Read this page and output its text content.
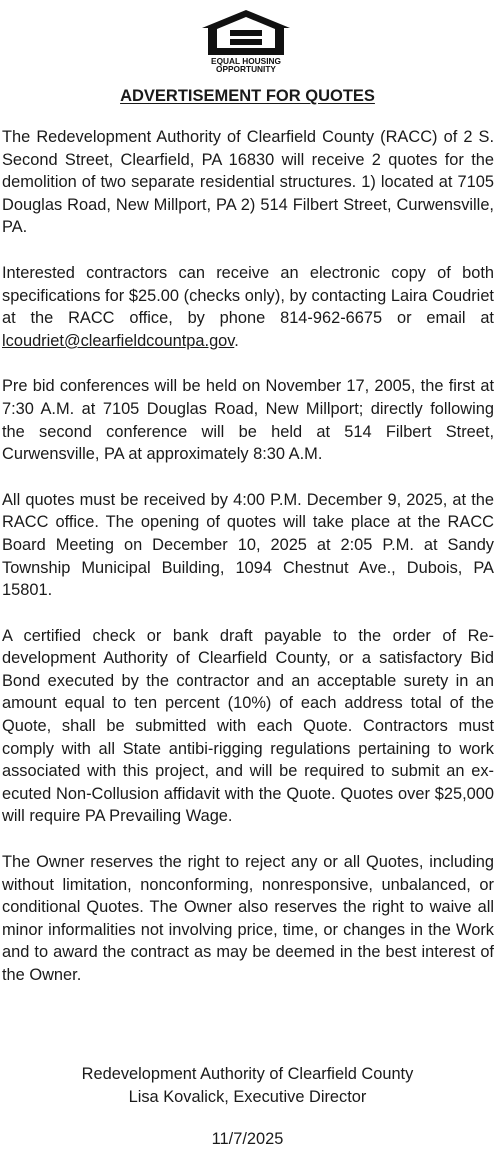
EQUAL HOUSING
OPPORTUNITY
ADVERTISEMENT FOR QUOTES

The Redevelopment Authority of Clearfield County (RACC) of 2 S. Second Street, Clearfield, PA 16830 will receive 2 quotes for the demolition of two separate residential structures. 1) located at 7105 Douglas Road, New Millport, PA 2) 514 Filbert Street, Curwensville, PA.

Interested contractors can receive an electronic copy of both specifications for $25.00 (checks only), by contacting Laira Coudriet at the RACC office, by phone 814-962-6675 or email at lcoudriet@clearfieldcountpa.gov.

Pre bid conferences will be held on November 17, 2005, the first at 7:30 A.M. at 7105 Douglas Road, New Millport; directly following the second conference will be held at 514 Filbert Street, Curwensville, PA at approximately 8:30 A.M.

All quotes must be received by 4:00 P.M. December 9, 2025, at the RACC office. The opening of quotes will take place at the RACC Board Meeting on December 10, 2025 at 2:05 P.M. at Sandy Township Municipal Building, 1094 Chestnut Ave., Dubois, PA 15801.

A certified check or bank draft payable to the order of Redevelopment Authority of Clearfield County, or a satisfactory Bid Bond executed by the contractor and an acceptable surety in an amount equal to ten percent (10%) of each address total of the Quote, shall be submitted with each Quote. Contractors must comply with all State antibi-rigging regulations pertaining to work associated with this project, and will be required to submit an executed Non-Collusion affidavit with the Quote. Quotes over $25,000 will require PA Prevailing Wage.

The Owner reserves the right to reject any or all Quotes, including without limitation, nonconforming, nonresponsive, unbalanced, or conditional Quotes. The Owner also reserves the right to waive all minor informalities not involving price, time, or changes in the Work and to award the contract as may be deemed in the best interest of the Owner.

Redevelopment Authority of Clearfield County
Lisa Kovalick, Executive Director
11/7/2025
